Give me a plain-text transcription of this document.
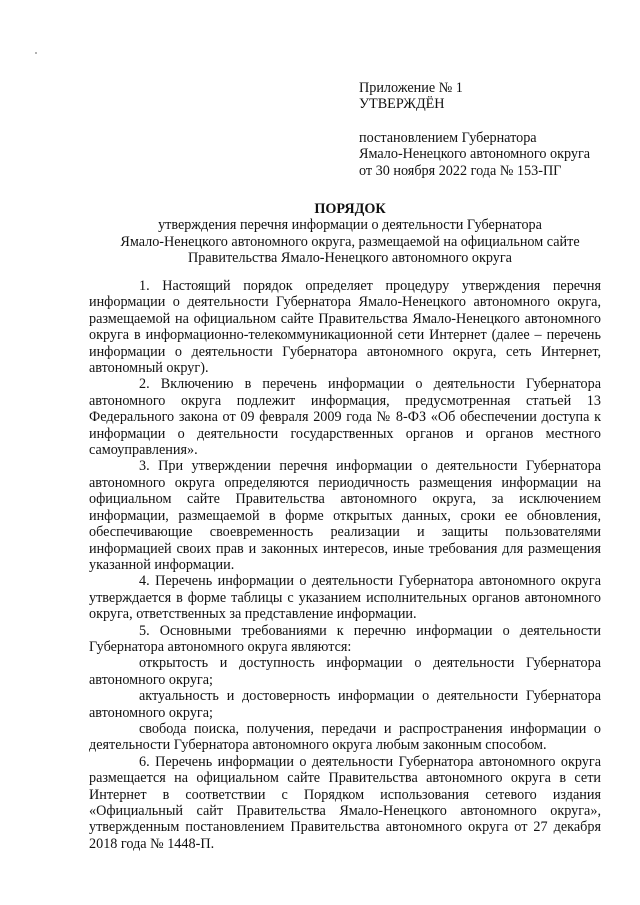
Приложение № 1
УТВЕРЖДЁН
постановлением Губернатора
Ямало-Ненецкого автономного округа
от 30 ноября 2022 года № 153-ПГ
ПОРЯДОК
утверждения перечня информации о деятельности Губернатора
Ямало-Ненецкого автономного округа, размещаемой на официальном сайте
Правительства Ямало-Ненецкого автономного округа

1. Настоящий порядок определяет процедуру утверждения перечня информации о деятельности Губернатора Ямало-Ненецкого автономного округа, размещаемой на официальном сайте Правительства Ямало-Ненецкого автономного округа в информационно-телекоммуникационной сети Интернет (далее – перечень информации о деятельности Губернатора автономного округа, сеть Интернет, автономный округ).

2. Включению в перечень информации о деятельности Губернатора автономного округа подлежит информация, предусмотренная статьей 13 Федерального закона от 09 февраля 2009 года № 8-ФЗ «Об обеспечении доступа к информации о деятельности государственных органов и органов местного самоуправления».

3. При утверждении перечня информации о деятельности Губернатора автономного округа определяются периодичность размещения информации на официальном сайте Правительства автономного округа, за исключением информации, размещаемой в форме открытых данных, сроки ее обновления, обеспечивающие своевременность реализации и защиты пользователями информацией своих прав и законных интересов, иные требования для размещения указанной информации.

4. Перечень информации о деятельности Губернатора автономного округа утверждается в форме таблицы с указанием исполнительных органов автономного округа, ответственных за представление информации.

5. Основными требованиями к перечню информации о деятельности Губернатора автономного округа являются:

открытость и доступность информации о деятельности Губернатора автономного округа;

актуальность и достоверность информации о деятельности Губернатора автономного округа;

свобода поиска, получения, передачи и распространения информации о деятельности Губернатора автономного округа любым законным способом.

6. Перечень информации о деятельности Губернатора автономного округа размещается на официальном сайте Правительства автономного округа в сети Интернет в соответствии с Порядком использования сетевого издания «Официальный сайт Правительства Ямало-Ненецкого автономного округа», утвержденным постановлением Правительства автономного округа от 27 декабря 2018 года № 1448-П.
